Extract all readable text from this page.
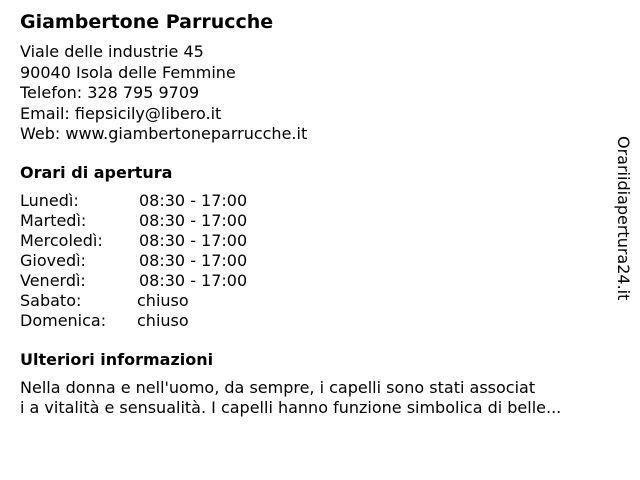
Giambertone Parrucche
Viale delle industrie 45
90040 Isola delle Femmine
Telefon: 328 795 9709
Email: fiepsicily@libero.it
Web: www.giambertoneparrucche.it
Orari di apertura
Lunedì:	08:30 - 17:00
Martedì:	08:30 - 17:00
Mercoledì: 08:30 - 17:00
Giovedì:	08:30 - 17:00
Venerdì:	08:30 - 17:00
Sabato:	chiuso
Domenica: chiuso
Ulteriori informazioni
Nella donna e nell'uomo, da sempre, i capelli sono stati associat
i a vitalità e sensualità. I capelli hanno funzione simbolica di belle...
Orariidiapertura24.it
